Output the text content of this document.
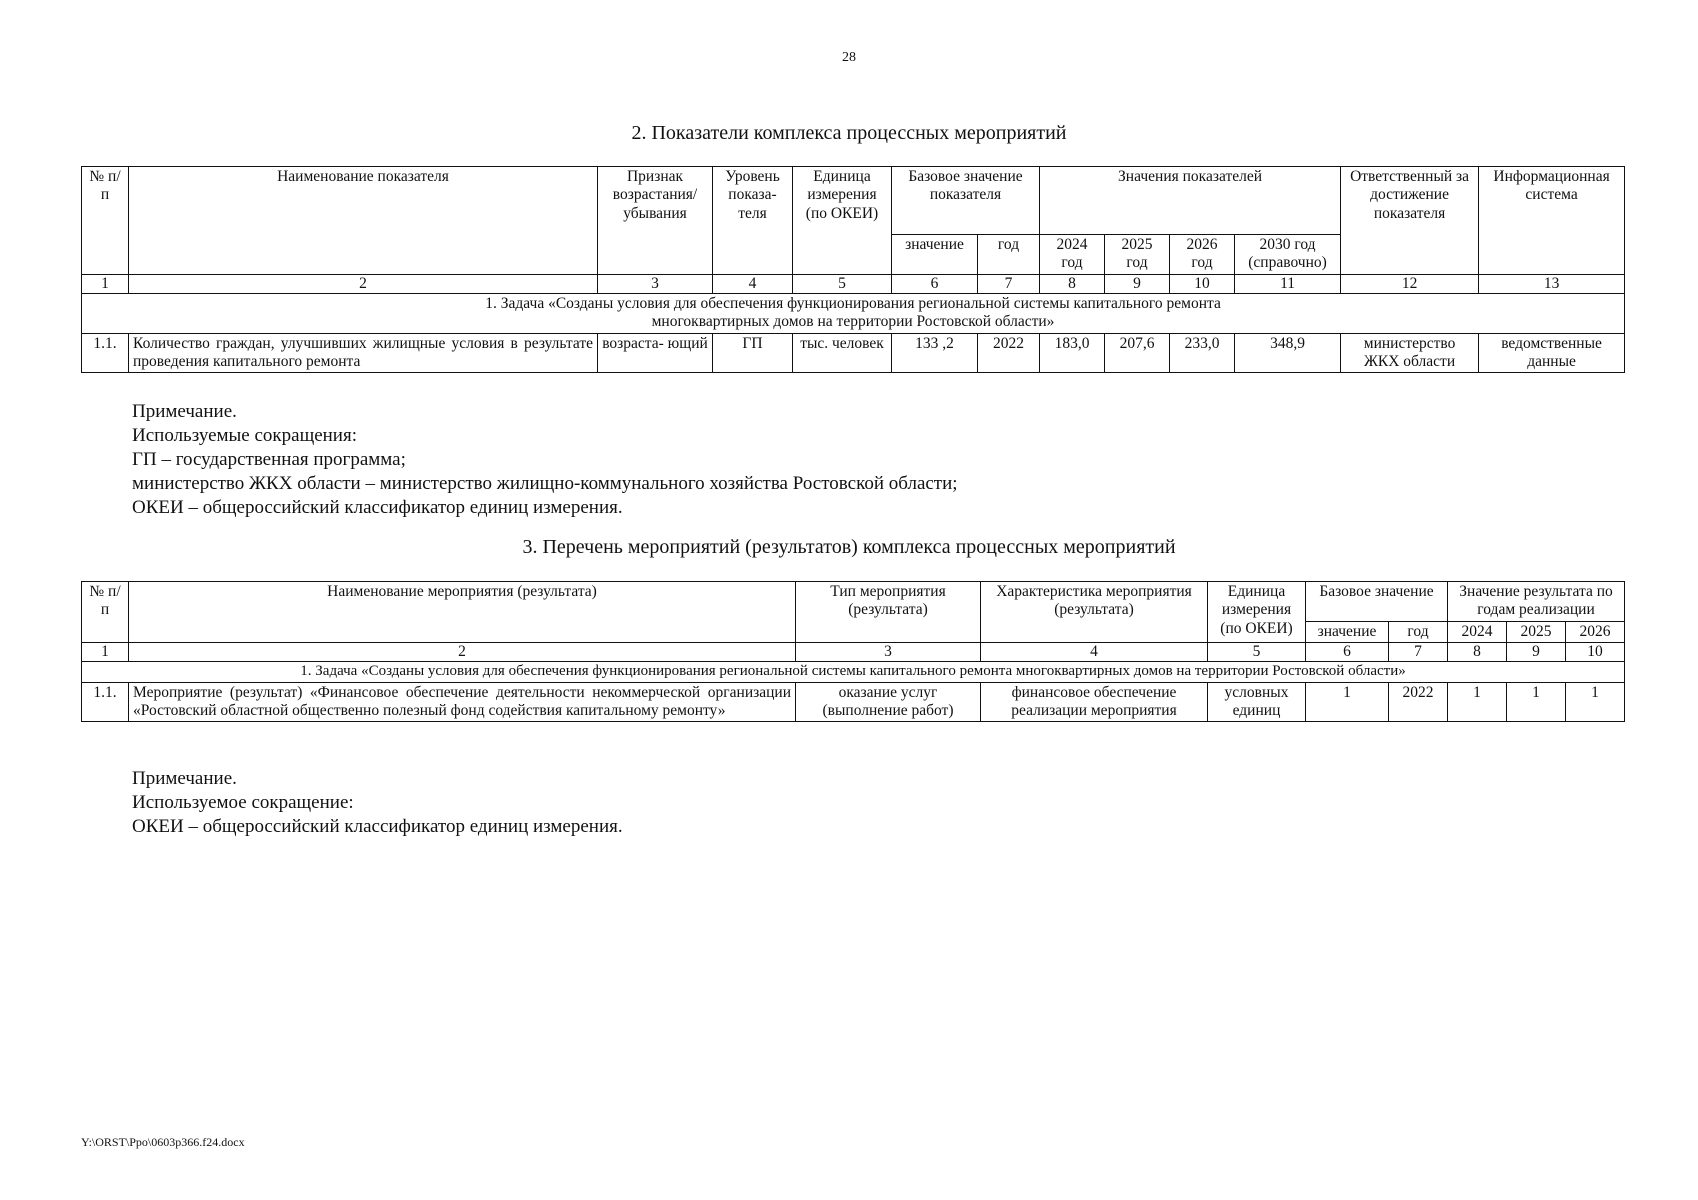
28
2. Показатели комплекса процессных мероприятий
№ п/п	Наименование показателя	Признак возрастания/ убывания	Уровень показа- теля	Единица измерения (по ОКЕИ)	Базовое значение показателя		Значения показателей				Ответственный за достижение показателя	Информационная система
					значение	год	2024 год	2025 год	2026 год	2030 год (справочно)		
1	2	3	4	5	6	7	8	9	10	11	12	13
1. Задача «Созданы условия для обеспечения функционирования региональной системы капитального ремонта многоквартирных домов на территории Ростовской области»												
1.1.	Количество граждан, улучшивших жилищные условия в результате проведения капитального ремонта	возраста- ющий	ГП	тыс. человек	133 ,2	2022	183,0	207,6	233,0	348,9	министерство ЖКХ области	ведомственные данные
Примечание.
Используемые сокращения:
ГП – государственная программа;
министерство ЖКХ области – министерство жилищно-коммунального хозяйства Ростовской области;
ОКЕИ – общероссийский классификатор единиц измерения.
3. Перечень мероприятий (результатов) комплекса процессных мероприятий
№ п/п	Наименование мероприятия (результата)	Тип мероприятия (результата)	Характеристика мероприятия (результата)	Единица измерения (по ОКЕИ)	Базовое значение		Значение результата по годам реализации		
					значение	год	2024	2025	2026
1	2	3	4	5	6	7	8	9	10
1. Задача «Созданы условия для обеспечения функционирования региональной системы капитального ремонта многоквартирных домов на территории Ростовской области»									
1.1.	Мероприятие (результат) «Финансовое обеспечение деятельности некоммерческой организации «Ростовский областной общественно полезный фонд содействия капитальному ремонту»	оказание услуг (выполнение работ)	финансовое обеспечение реализации мероприятия	условных единиц	1	2022	1	1	1
Примечание.
Используемое сокращение:
ОКЕИ – общероссийский классификатор единиц измерения.
Y:\ORST\Ppo\0603p366.f24.docx
